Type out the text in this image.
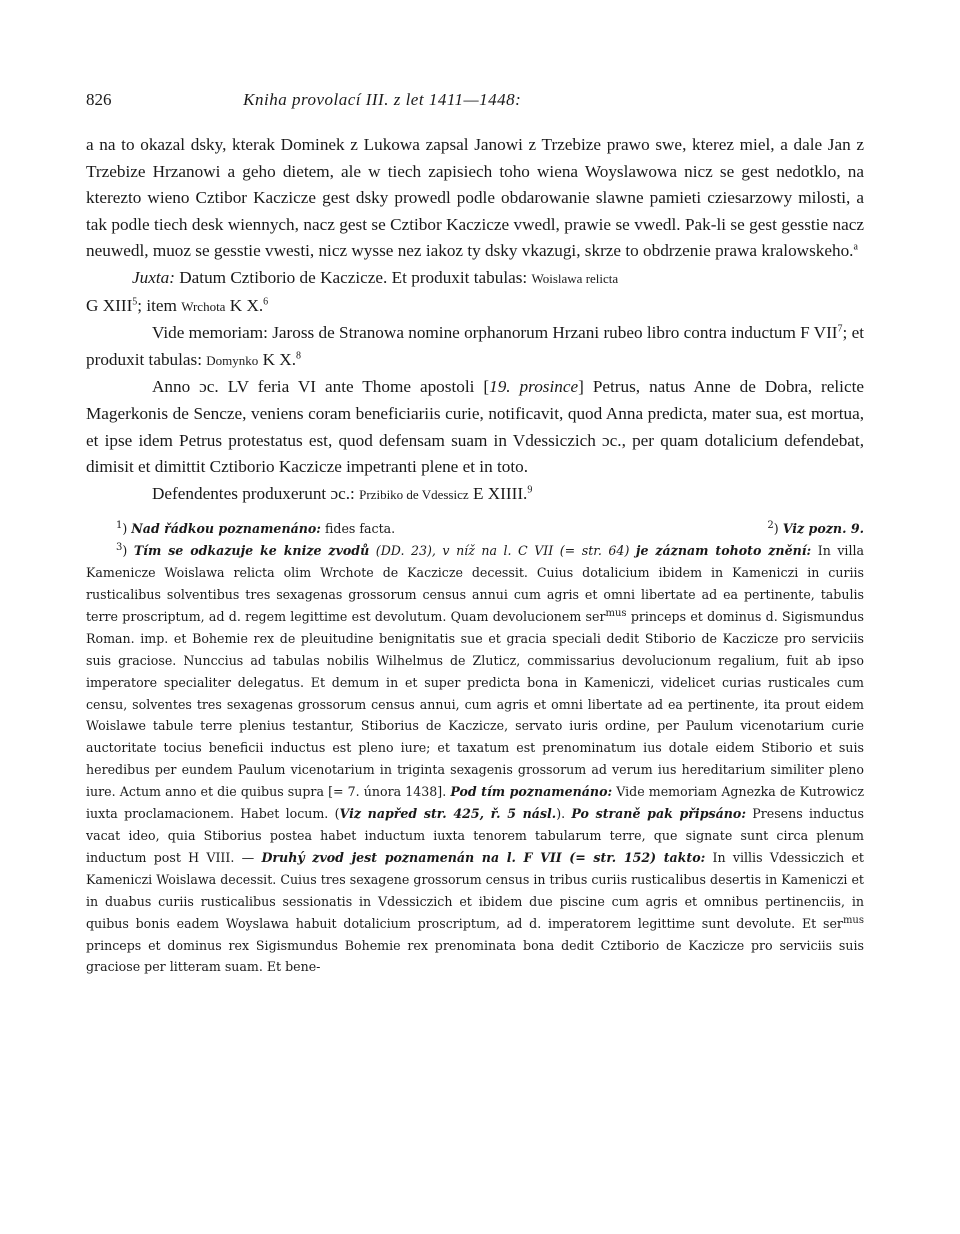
826	Kniha provolací III. z let 1411—1448:

a na to okazal dsky, kterak Dominek z Lukowa zapsal Janowi z Trzebize prawo swe, kterez miel, a dale Jan z Trzebize Hrzanowi a geho dietem, ale w tiech zapisiech toho wiena Woyslawowa nicz se gest nedotklo, na kterezto wieno Cztibor Kaczicze gest dsky prowedl podle obdarowanie slawne pamieti cziesarzowy milosti, a tak podle tiech desk wiennych, nacz gest se Cztibor Kaczicze vwedl, prawie se vwedl. Pak-li se gest gesstie nacz neuwedl, muoz se gesstie vwesti, nicz wysse nez iakoz ty dsky vkazugi, skrze to obdrzenie prawa kralowskeho.$^a$

Juxta: Datum Cztiborio de Kaczicze. Et produxit tabulas: Woislawa relicta
G XIII$^5$; item Wrchota K X.$^6$

Vide memoriam: Jaross de Stranowa nomine orphanorum Hrzani rubeo libro contra inductum F VII$^7$; et produxit tabulas: Domynko K X.$^8$

Anno ɔc. LV feria VI ante Thome apostoli [19. prosince] Petrus, natus Anne de Dobra, relicte Magerkonis de Sencze, veniens coram beneficiariis curie, notificavit, quod Anna predicta, mater sua, est mortua, et ipse idem Petrus protestatus est, quod defensam suam in Vdessiczich ɔc., per quam dotalicium defendebat, dimisit et dimittit Cztiborio Kaczicze impetranti plene et in toto.

Defendentes produxerunt ɔc.: Przibiko de Vdessicz E XIIII.$^9$

$^1$) Nad řádkou poznamenáno: fides facta.	$^2$) Viz pozn. 9.

$^3$) Tím se odkazuje ke knize zvodů (DD. 23), v níž na l. C VII (= str. 64) je záznam tohoto znění: In villa Kamenicze Woislawa relicta olim Wrchote de Kaczicze decessit. Cuius dotalicium ibidem in Kameniczi in curiis rusticalibus solventibus tres sexagenas grossorum census annui cum agris et omni libertate ad ea pertinente, tabulis terre proscriptum, ad d. regem legittime est devolutum. Quam devolucionem ser$^{mus}$ princeps et dominus d. Sigismundus Roman. imp. et Bohemie rex de pleuitudine benignitatis sue et gracia speciali dedit Stiborio de Kaczicze pro serviciis suis graciose. Nunccius ad tabulas nobilis Wilhelmus de Zluticz, commissarius devolucionum regalium, fuit ab ipso imperatore specialiter delegatus. Et demum in et super predicta bona in Kameniczi, videlicet curias rusticales cum censu, solventes tres sexagenas grossorum census annui, cum agris et omni libertate ad ea pertinente, ita prout eidem Woislawe tabule terre plenius testantur, Stiborius de Kaczicze, servato iuris ordine, per Paulum vicenotarium curie auctoritate tocius beneficii inductus est pleno iure; et taxatum est prenominatum ius dotale eidem Stiborio et suis heredibus per eundem Paulum vicenotarium in triginta sexagenis grossorum ad verum ius hereditarium similiter pleno iure. Actum anno et die quibus supra [= 7. února 1438]. Pod tím poznamenáno: Vide memoriam Agnezka de Kutrowicz iuxta proclamacionem. Habet locum. (Viz napřed str. 425, ř. 5 násl.). Po straně pak připsáno: Presens inductus vacat ideo, quia Stiborius postea habet inductum iuxta tenorem tabularum terre, que signate sunt circa plenum inductum post H VIII. — Druhý zvod jest poznamenán na l. F VII (= str. 152) takto: In villis Vdessiczich et Kameniczi Woislawa decessit. Cuius tres sexagene grossorum census in tribus curiis rusticalibus desertis in Kameniczi et in duabus curiis rusticalibus sessionatis in Vdessiczich et ibidem due piscine cum agris et omnibus pertinenciis, in quibus bonis eadem Woyslawa habuit dotalicium proscriptum, ad d. imperatorem legittime sunt devolute. Et ser$^{mus}$ princeps et dominus rex Sigismundus Bohemie rex prenominata bona dedit Cztiborio de Kaczicze pro serviciis suis graciose per litteram suam. Et bene-
